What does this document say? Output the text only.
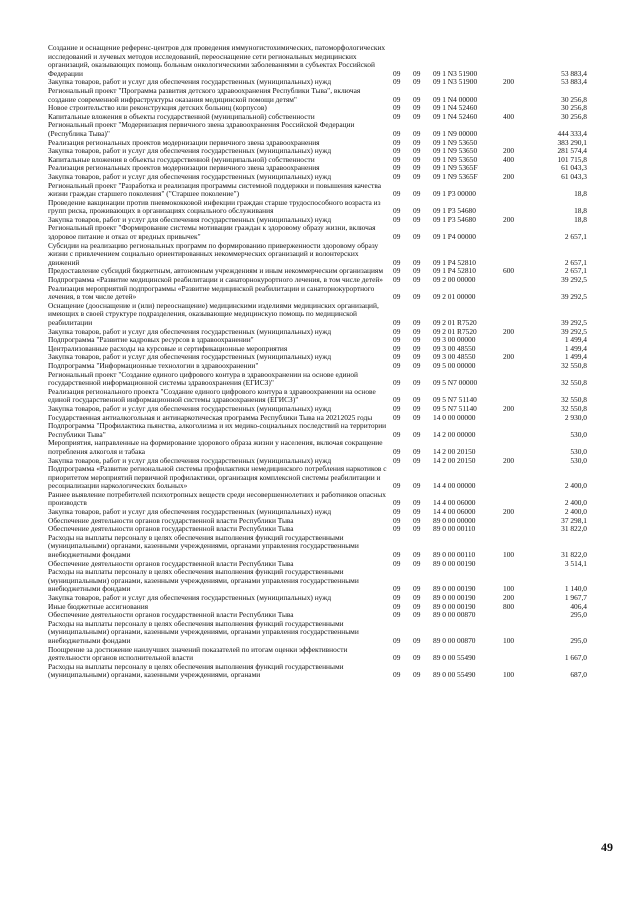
Создание и оснащение референс-центров для проведения иммуногистохимических, патоморфологических исследований и лучевых методов исследований, переоснащение сети региональных медицинских организаций, оказывающих помощь больным онкологическими заболеваниями в субъектах Российской Федерации	09	09	09 1 N3 51900	53 883,4
Закупка товаров, работ и услуг для обеспечения государственных (муниципальных) нужд	09	09	09 1 N3 51900	200	53 883,4
Региональный проект "Программа развития детского здравоохранения Республики Тыва", включая создание современной инфраструктуры оказания медицинской помощи детям"	09	09	09 1 N4 00000	30 256,8
Новое строительство или реконструкция детских больниц (корпусов)	09	09	09 1 N4 52460	30 256,8
Капитальные вложения в объекты государственной (муниципальной) собственности	09	09	09 1 N4 52460	400	30 256,8
Региональный проект "Модернизация первичного звена здравоохранения Российской Федерации (Республика Тыва)"	09	09	09 1 N9 00000	444 333,4
Реализация региональных проектов модернизации первичного звена здравоохранения	09	09	09 1 N9 53650	383 290,1
Закупка товаров, работ и услуг для обеспечения государственных (муниципальных) нужд	09	09	09 1 N9 53650	200	281 574,4
Капитальные вложения в объекты государственной (муниципальной) собственности	09	09	09 1 N9 53650	400	101 715,8
Реализация региональных проектов модернизации первичного звена здравоохранения	09	09	09 1 N9 5365F	61 043,3
Закупка товаров, работ и услуг для обеспечения государственных (муниципальных) нужд	09	09	09 1 N9 5365F	200	61 043,3
Региональный проект "Разработка и реализация программы системной поддержки и повышения качества жизни граждан старшего поколения" ("Старшее поколение")	09	09	09 1 P3 00000	18,8
Проведение вакцинации против пневмококковой инфекции граждан старше трудоспособного возраста из групп риска, проживающих в организациях социального обслуживания	09	09	09 1 P3 54680	18,8
Закупка товаров, работ и услуг для обеспечения государственных (муниципальных) нужд	09	09	09 1 P3 54680	200	18,8
Региональный проект "Формирование системы мотивации граждан к здоровому образу жизни, включая здоровое питание и отказ от вредных привычек"	09	09	09 1 P4 00000	2 657,1
Субсидии на реализацию региональных программ по формированию приверженности здоровому образу жизни с привлечением социально ориентированных некоммерческих организаций и волонтерских движений	09	09	09 1 P4 52810	2 657,1
Предоставление субсидий бюджетным, автономным учреждениям и иным некоммерческим организациям	09	09	09 1 P4 52810	600	2 657,1
Подпрограмма «Развитие медицинской реабилитации и санаторнокурортного лечения, в том числе детей»	09	09	09 2 00 00000	39 292,5
Реализация мероприятий подпрограммы «Развитие медицинской реабилитации и санаторнокурортного лечения, в том числе детей»	09	09	09 2 01 00000	39 292,5
Оснащение (дооснащение и (или) переоснащение) медицинскими изделиями медицинских организаций, имеющих в своей структуре подразделения, оказывающие медицинскую помощь по медицинской реабилитации	09	09	09 2 01 R7520	39 292,5
Закупка товаров, работ и услуг для обеспечения государственных (муниципальных) нужд	09	09	09 2 01 R7520	200	39 292,5
Подпрограмма "Развитие кадровых ресурсов в здравоохранении"	09	09	09 3 00 00000	1 499,4
Централизованные расходы на курсовые и сертификационные мероприятия	09	09	09 3 00 48550	1 499,4
Закупка товаров, работ и услуг для обеспечения государственных (муниципальных) нужд	09	09	09 3 00 48550	200	1 499,4
Подпрограмма "Информационные технологии в здравоохранении"	09	09	09 5 00 00000	32 550,8
Региональный проект "Создание единого цифрового контура в здравоохранении на основе единой государственной информационной системы здравоохранения (ЕГИСЗ)"	09	09	09 5 N7 00000	32 550,8
Реализация регионального проекта "Создание единого цифрового контура в здравоохранении на основе единой государственной информационной системы здравоохранения (ЕГИСЗ)"	09	09	09 5 N7 51140	32 550,8
Закупка товаров, работ и услуг для обеспечения государственных (муниципальных) нужд	09	09	09 5 N7 51140	200	32 550,8
Государственная антиалкогольная и антинаркотическая программа Республики Тыва на 20212025 годы	09	09	14 0 00 00000	2 930,0
Подпрограмма "Профилактика пьянства, алкоголизма и их медико-социальных последствий на территории Республики Тыва"	09	09	14 2 00 00000	530,0
Мероприятия, направленные на формирование здорового образа жизни у населения, включая сокращение потребления алкоголя и табака	09	09	14 2 00 20150	530,0
Закупка товаров, работ и услуг для обеспечения государственных (муниципальных) нужд	09	09	14 2 00 20150	200	530,0
Подпрограмма «Развитие региональной системы профилактики немедицинского потребления наркотиков с приоритетом мероприятий первичной профилактики, организация комплексной системы реабилитации и ресоциализации наркологических больных»	09	09	14 4 00 00000	2 400,0
Раннее выявление потребителей психотропных веществ среди несовершеннолетних и работников опасных производств	09	09	14 4 00 06000	2 400,0
Закупка товаров, работ и услуг для обеспечения государственных (муниципальных) нужд	09	09	14 4 00 06000	200	2 400,0
Обеспечение деятельности органов государственной власти Республики Тыва	09	09	89 0 00 00000	37 298,1
Обеспечение деятельности органов государственной власти Республики Тыва	09	09	89 0 00 00110	31 822,0
Расходы на выплаты персоналу в целях обеспечения выполнения функций государственными (муниципальными) органами, казенными учреждениями, органами управления государственными внебюджетными фондами	09	09	89 0 00 00110	100	31 822,0
Обеспечение деятельности органов государственной власти Республики Тыва	09	09	89 0 00 00190	3 514,1
Расходы на выплаты персоналу в целях обеспечения выполнения функций государственными (муниципальными) органами, казенными учреждениями, органами управления государственными внебюджетными фондами	09	09	89 0 00 00190	100	1 140,0
Закупка товаров, работ и услуг для обеспечения государственных (муниципальных) нужд	09	09	89 0 00 00190	200	1 967,7
Иные бюджетные ассигнования	09	09	89 0 00 00190	800	406,4
Обеспечение деятельности органов государственной власти Республики Тыва	09	09	89 0 00 00870	295,0
Расходы на выплаты персоналу в целях обеспечения выполнения функций государственными (муниципальными) органами, казенными учреждениями, органами управления государственными внебюджетными фондами	09	09	89 0 00 00870	100	295,0
Поощрение за достижение наилучших значений показателей по итогам оценки эффективности деятельности органов исполнительной власти	09	09	89 0 00 55490	1 667,0
Расходы на выплаты персоналу в целях обеспечения выполнения функций государственными (муниципальными) органами, казенными учреждениями, органами	09	09	89 0 00 55490	100	687,0
49
